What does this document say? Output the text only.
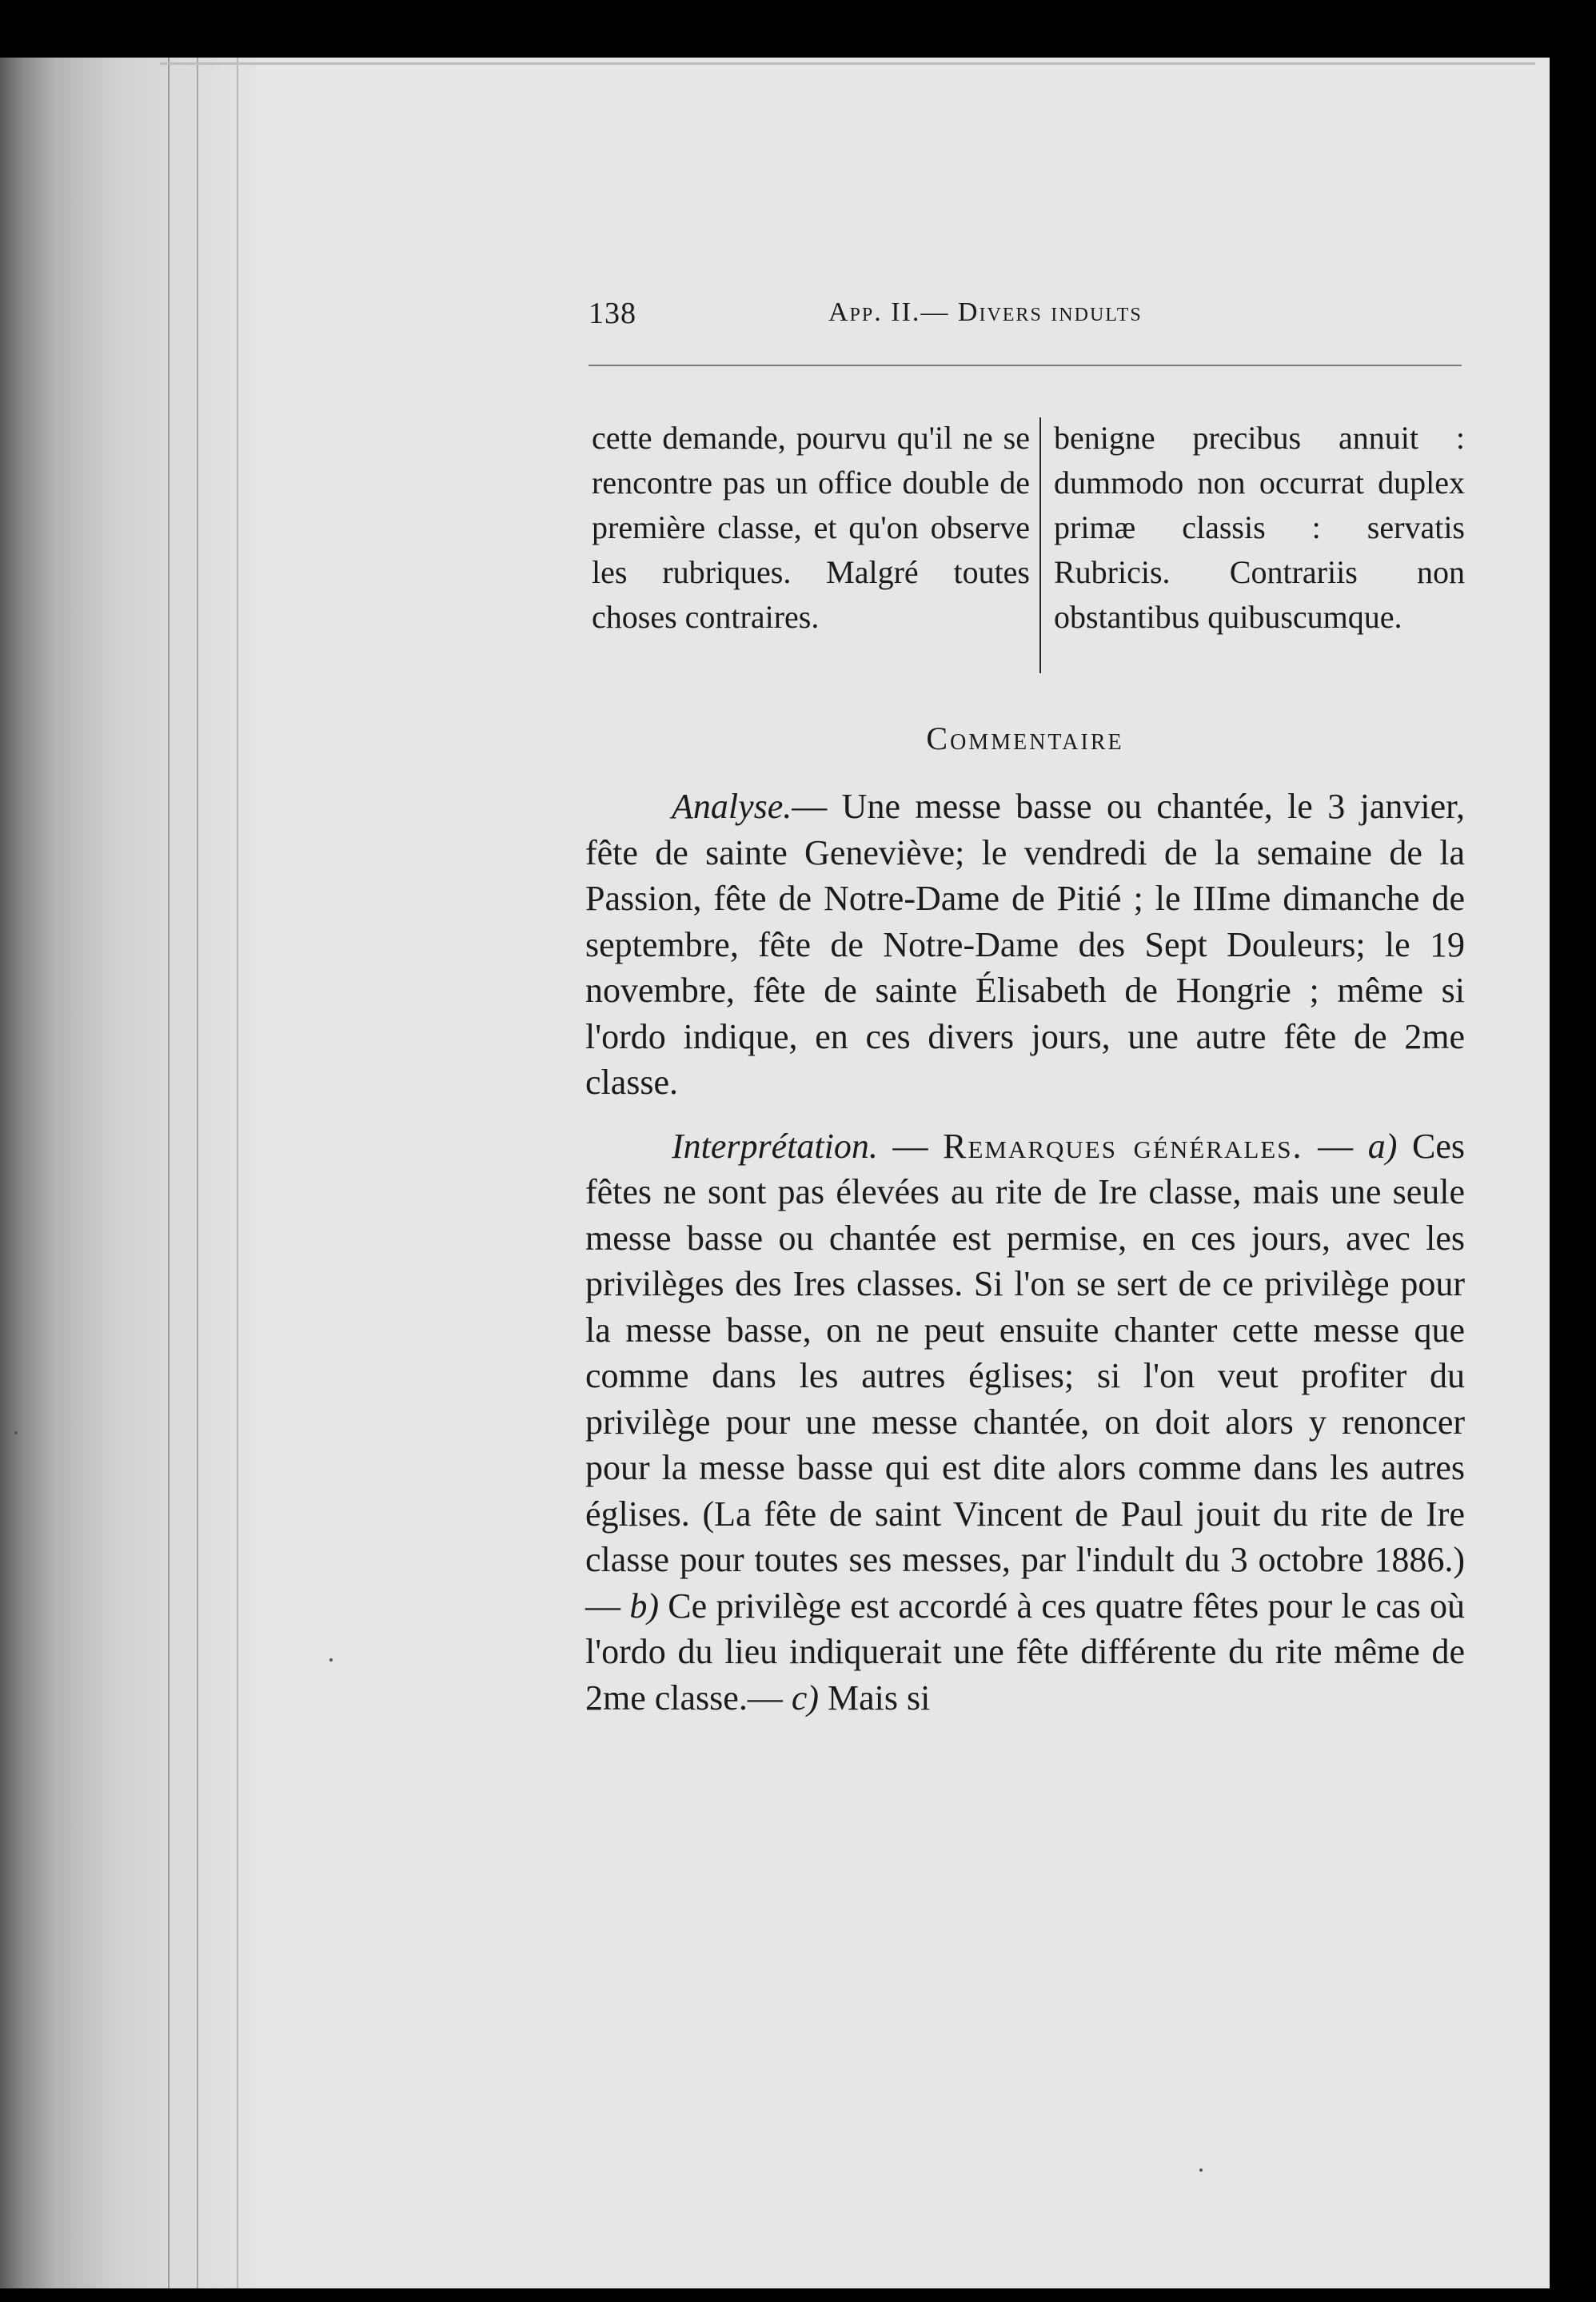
138	App. II.— Divers indults

cette demande, pourvu qu'il ne se rencontre pas un office double de première classe, et qu'on observe les rubriques. Malgré toutes choses contraires.

benigne precibus annuit : dummodo non occurrat duplex primæ classis : servatis Rubricis. Contrariis non obstantibus quibuscumque.

Commentaire

Analyse.— Une messe basse ou chantée, le 3 janvier, fête de sainte Geneviève; le vendredi de la semaine de la Passion, fête de Notre-Dame de Pitié ; le IIIme dimanche de septembre, fête de Notre-Dame des Sept Douleurs; le 19 novembre, fête de sainte Élisabeth de Hongrie ; même si l'ordo indique, en ces divers jours, une autre fête de 2me classe.

Interprétation. — Remarques générales. — a) Ces fêtes ne sont pas élevées au rite de Ire classe, mais une seule messe basse ou chantée est permise, en ces jours, avec les privilèges des Ires classes. Si l'on se sert de ce privilège pour la messe basse, on ne peut ensuite chanter cette messe que comme dans les autres églises; si l'on veut profiter du privilège pour une messe chantée, on doit alors y renoncer pour la messe basse qui est dite alors comme dans les autres églises. (La fête de saint Vincent de Paul jouit du rite de Ire classe pour toutes ses messes, par l'indult du 3 octobre 1886.)— b) Ce privilège est accordé à ces quatre fêtes pour le cas où l'ordo du lieu indiquerait une fête différente du rite même de 2me classe.— c) Mais si
